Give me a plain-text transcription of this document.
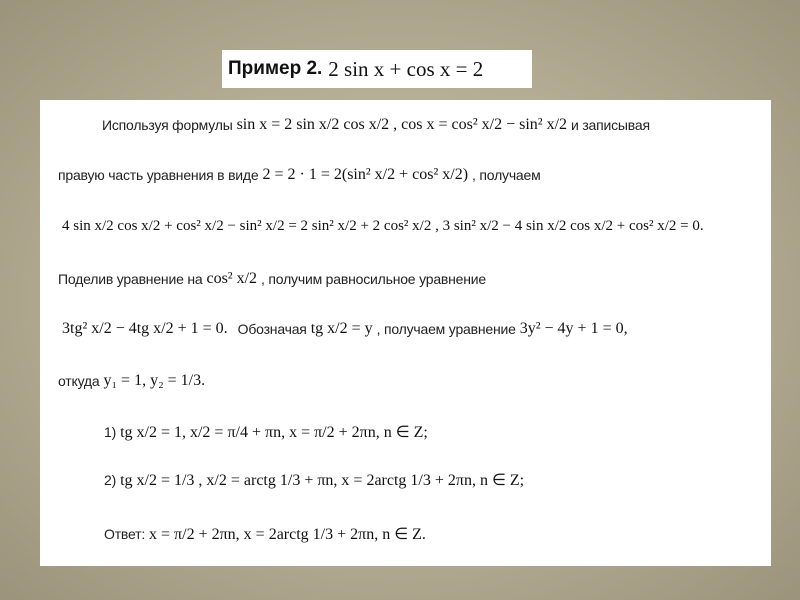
Пример 2. 2 sin x + cos x = 2
Используя формулы sin x = 2 sin x/2 cos x/2 , cos x = cos² x/2 − sin² x/2 и записывая
правую часть уравнения в виде 2 = 2 · 1 = 2(sin² x/2 + cos² x/2) , получаем
4 sin x/2 cos x/2 + cos² x/2 − sin² x/2 = 2 sin² x/2 + 2 cos² x/2 , 3 sin² x/2 − 4 sin x/2 cos x/2 + cos² x/2 = 0.
Поделив уравнение на cos² x/2 , получим равносильное уравнение
3tg² x/2 − 4tg x/2 + 1 = 0. Обозначая tg x/2 = y , получаем уравнение 3y² − 4y + 1 = 0,
откуда y₁ = 1, y₂ = 1/3.
1) tg x/2 = 1, x/2 = π/4 + πn, x = π/2 + 2πn, n ∈ Z;
2) tg x/2 = 1/3 , x/2 = arctg 1/3 + πn, x = 2arctg 1/3 + 2πn, n ∈ Z;
Ответ: x = π/2 + 2πn, x = 2arctg 1/3 + 2πn, n ∈ Z.
